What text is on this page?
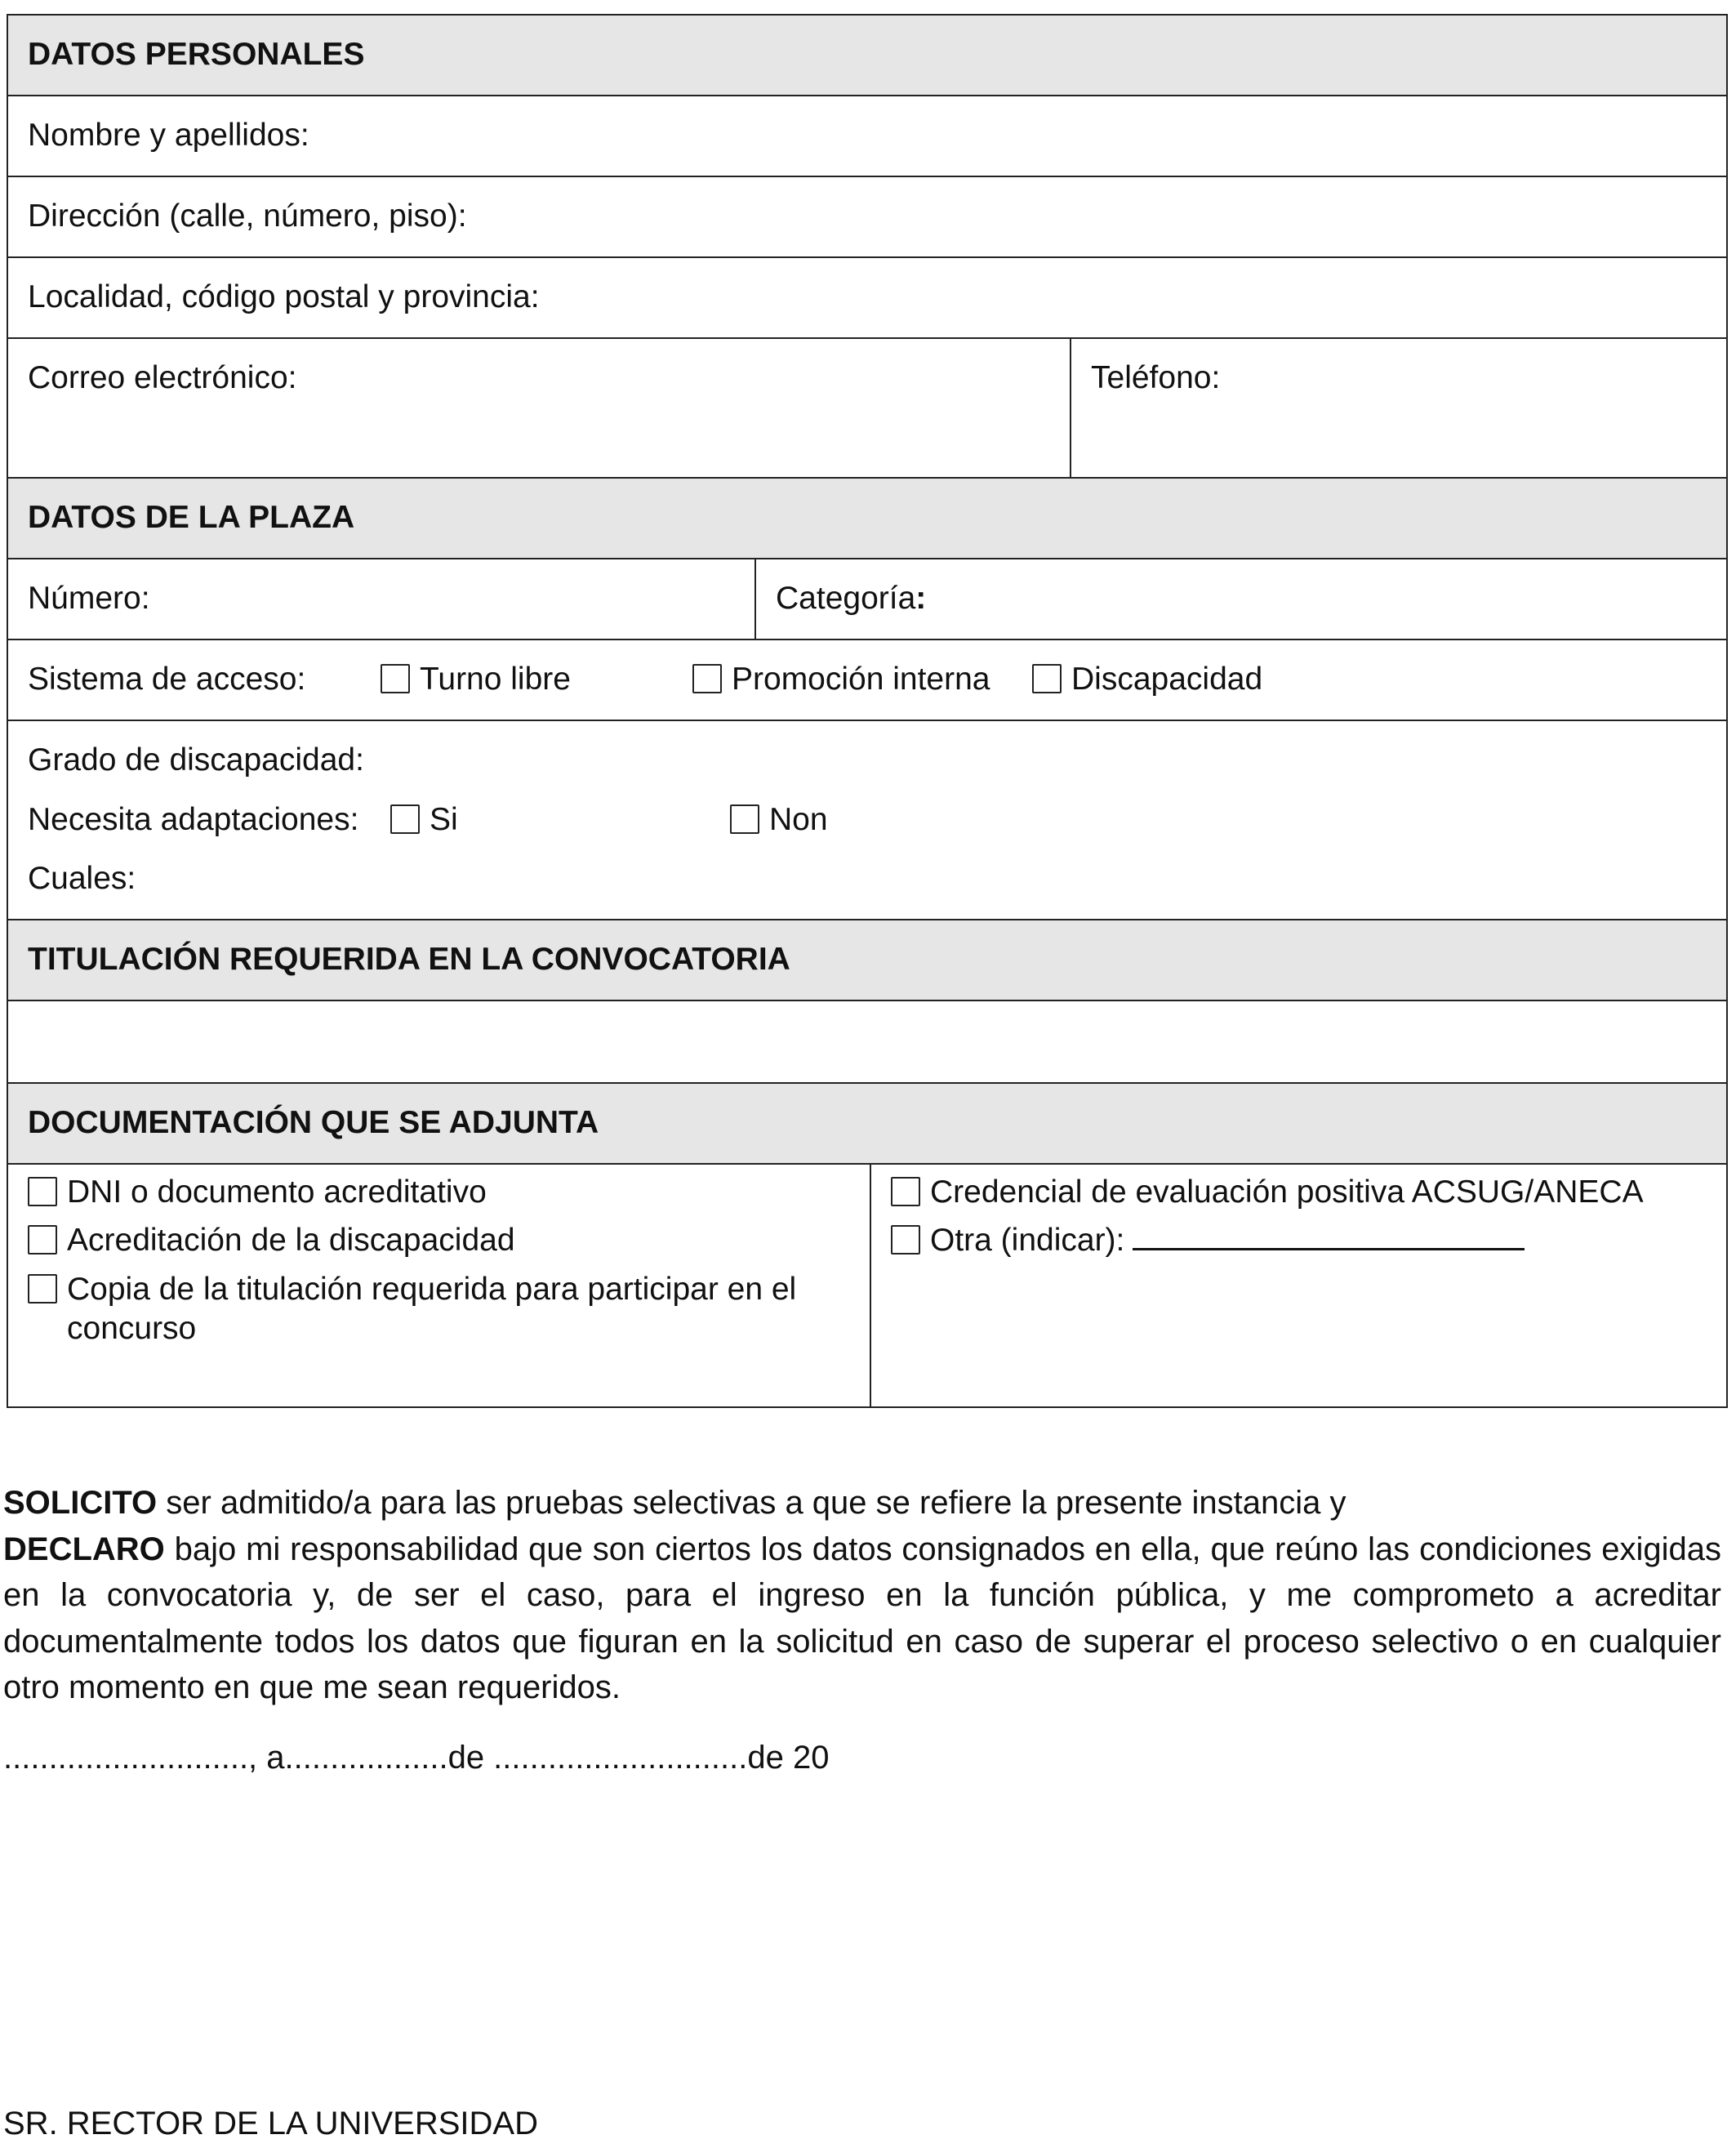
DATOS PERSONALES
Nombre y apellidos:
Dirección (calle, número, piso):
Localidad, código postal y provincia:
Correo electrónico:	Teléfono:
DATOS DE LA PLAZA
Número:	Categoría:
Sistema de acceso:	Turno libre	Promoción interna	Discapacidad
Grado de discapacidad:
Necesita adaptaciones:	Si	Non
Cuales:
TITULACIÓN REQUERIDA EN LA CONVOCATORIA
DOCUMENTACIÓN QUE SE ADJUNTA
DNI o documento acreditativo
Acreditación de la discapacidad
Copia de la titulación requerida para participar en el
concurso
Credencial de evaluación positiva ACSUG/ANECA
Otra (indicar):
SOLICITO ser admitido/a para las pruebas selectivas a que se refiere la presente instancia y
DECLARO bajo mi responsabilidad que son ciertos los datos consignados en ella, que reúno las condiciones exigidas en la convocatoria y, de ser el caso, para el ingreso en la función pública, y me comprometo a acreditar documentalmente todos los datos que figuran en la solicitud en caso de superar el proceso selectivo o en cualquier otro momento en que me sean requeridos.
..........................., a..................de ............................de 20
SR. RECTOR DE LA UNIVERSIDAD
